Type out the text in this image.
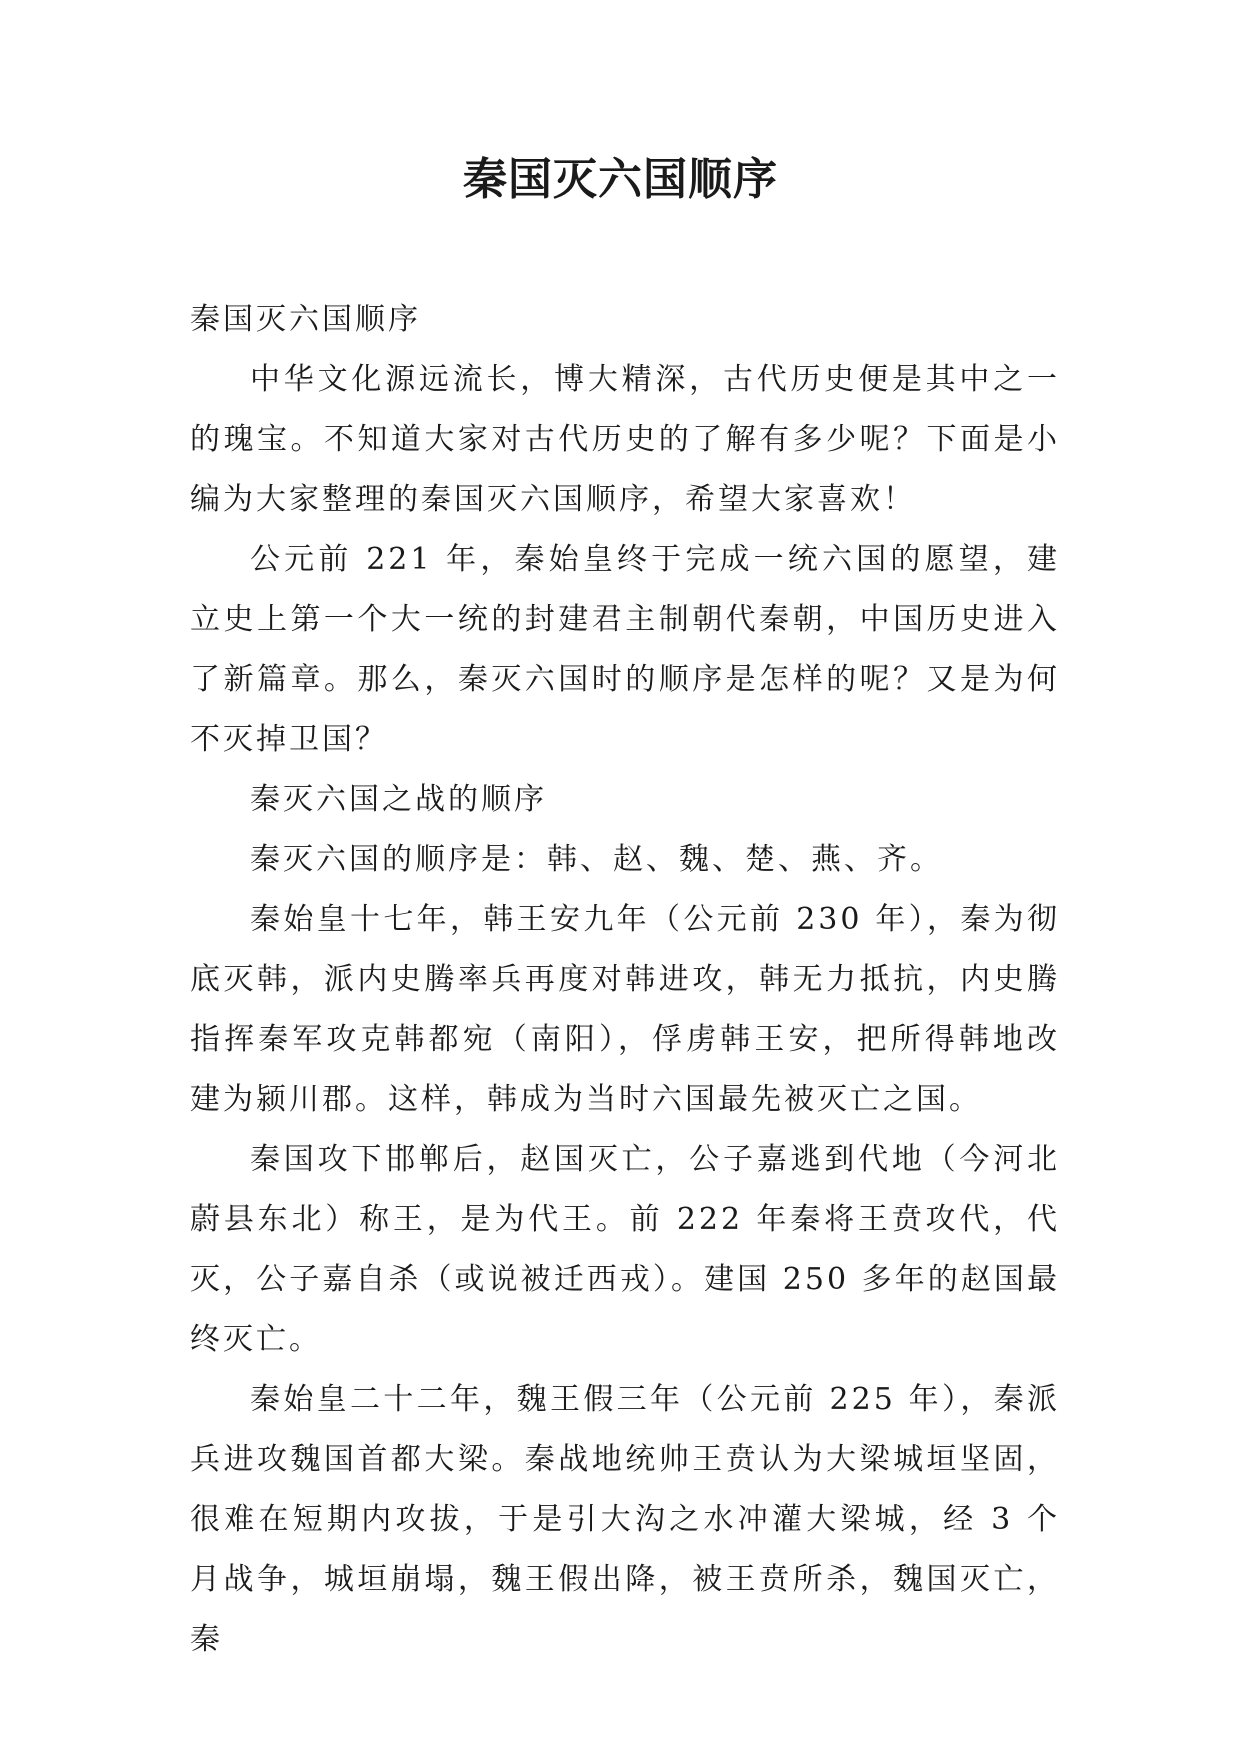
秦国灭六国顺序

秦国灭六国顺序

中华文化源远流长，博大精深，古代历史便是其中之一的瑰宝。不知道大家对古代历史的了解有多少呢？下面是小编为大家整理的秦国灭六国顺序，希望大家喜欢！

公元前 221 年，秦始皇终于完成一统六国的愿望，建立史上第一个大一统的封建君主制朝代秦朝，中国历史进入了新篇章。那么，秦灭六国时的顺序是怎样的呢？又是为何不灭掉卫国？

秦灭六国之战的顺序

秦灭六国的顺序是：韩、赵、魏、楚、燕、齐。

秦始皇十七年，韩王安九年（公元前 230 年），秦为彻底灭韩，派内史腾率兵再度对韩进攻，韩无力抵抗，内史腾指挥秦军攻克韩都宛（南阳），俘虏韩王安，把所得韩地改建为颍川郡。这样，韩成为当时六国最先被灭亡之国。

秦国攻下邯郸后，赵国灭亡，公子嘉逃到代地（今河北蔚县东北）称王，是为代王。前 222 年秦将王贲攻代，代灭，公子嘉自杀（或说被迁西戎）。建国 250 多年的赵国最终灭亡。

秦始皇二十二年，魏王假三年（公元前 225 年），秦派兵进攻魏国首都大梁。秦战地统帅王贲认为大梁城垣坚固，很难在短期内攻拔，于是引大沟之水冲灌大梁城，经 3 个月战争，城垣崩塌，魏王假出降，被王贲所杀，魏国灭亡，秦
